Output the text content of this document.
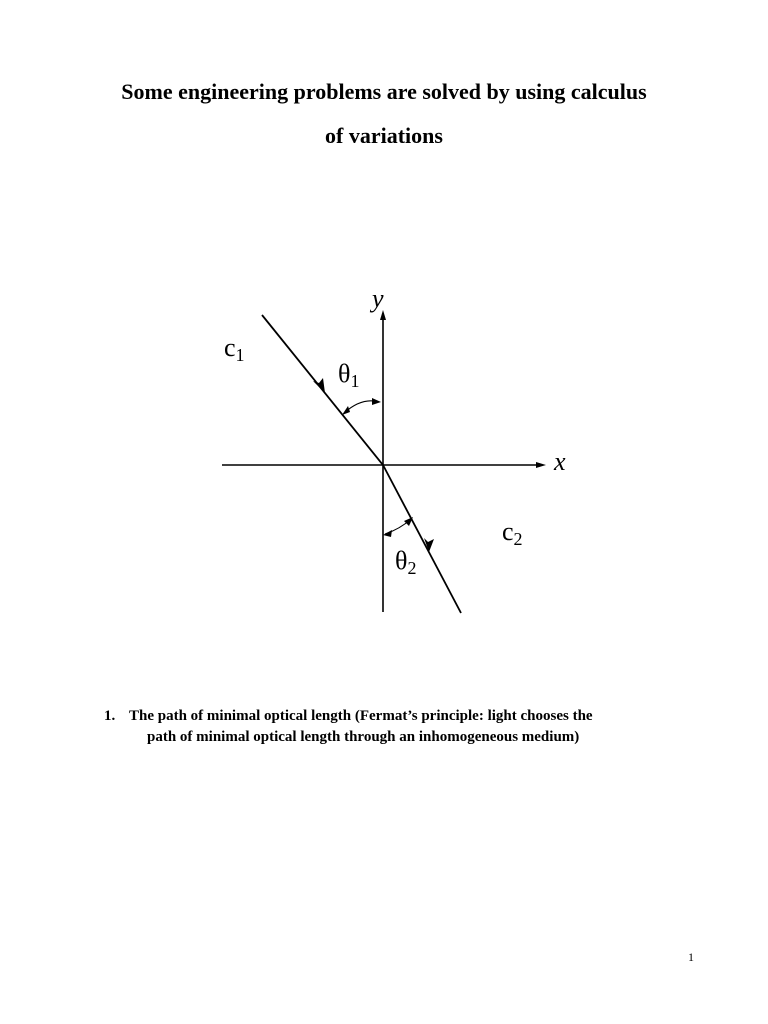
Some engineering problems are solved by using calculus
of variations
y
x
c1
θ1
c2
θ2
1. The path of minimal optical length (Fermat’s principle: light chooses the
path of minimal optical length through an inhomogeneous medium)
1
